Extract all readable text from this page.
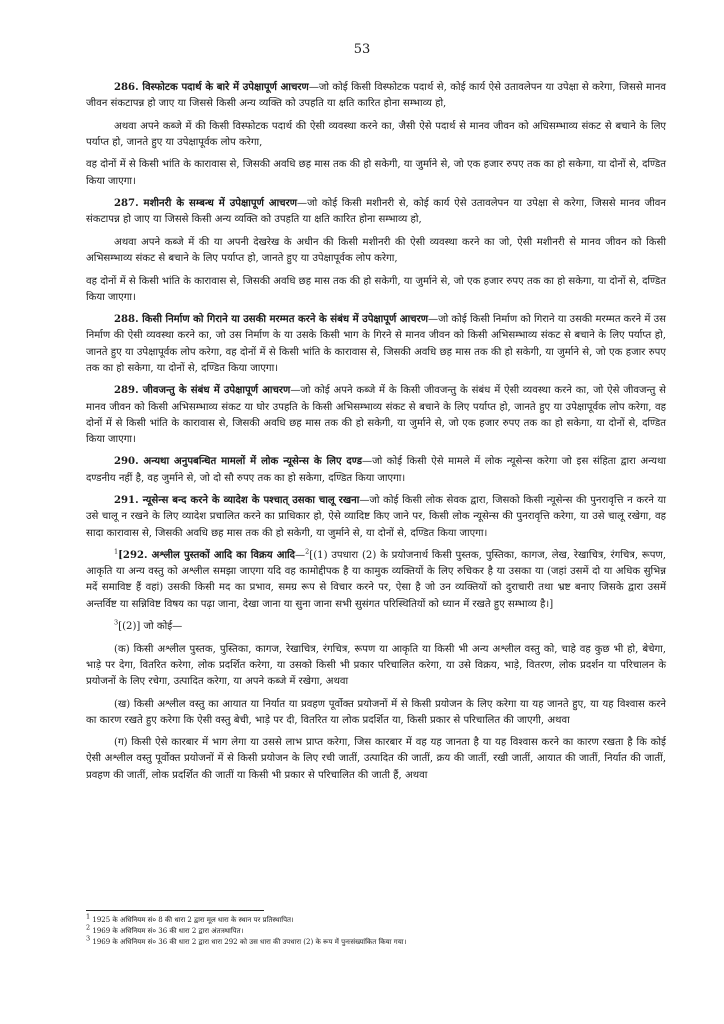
53

286. विस्फोटक पदार्थ के बारे में उपेक्षापूर्ण आचरण—जो कोई किसी विस्फोटक पदार्थ से, कोई कार्य ऐसे उतावलेपन या उपेक्षा से करेगा, जिससे मानव जीवन संकटापन्न हो जाए या जिससे किसी अन्य व्यक्ति को उपहति या क्षति कारित होना सम्भाव्य हो,

अथवा अपने कब्जे में की किसी विस्फोटक पदार्थ की ऐसी व्यवस्था करने का, जैसी ऐसे पदार्थ से मानव जीवन को अधिसम्भाव्य संकट से बचाने के लिए पर्याप्त हो, जानते हुए या उपेक्षापूर्वक लोप करेगा,

वह दोनों में से किसी भांति के कारावास से, जिसकी अवधि छह मास तक की हो सकेगी, या जुर्माने से, जो एक हजार रुपए तक का हो सकेगा, या दोनों से, दण्डित किया जाएगा।

287. मशीनरी के सम्बन्ध में उपेक्षापूर्ण आचरण—जो कोई किसी मशीनरी से, कोई कार्य ऐसे उतावलेपन या उपेक्षा से करेगा, जिससे मानव जीवन संकटापन्न हो जाए या जिससे किसी अन्य व्यक्ति को उपहति या क्षति कारित होना सम्भाव्य हो,

अथवा अपने कब्जे में की या अपनी देखरेख के अधीन की किसी मशीनरी की ऐसी व्यवस्था करने का जो, ऐसी मशीनरी से मानव जीवन को किसी अभिसम्भाव्य संकट से बचाने के लिए पर्याप्त हो, जानते हुए या उपेक्षापूर्वक लोप करेगा,

वह दोनों में से किसी भांति के कारावास से, जिसकी अवधि छह मास तक की हो सकेगी, या जुर्माने से, जो एक हजार रुपए तक का हो सकेगा, या दोनों से, दण्डित किया जाएगा।

288. किसी निर्माण को गिराने या उसकी मरम्मत करने के संबंध में उपेक्षापूर्ण आचरण—जो कोई किसी निर्माण को गिराने या उसकी मरम्मत करने में उस निर्माण की ऐसी व्यवस्था करने का, जो उस निर्माण के या उसके किसी भाग के गिरने से मानव जीवन को किसी अभिसम्भाव्य संकट से बचाने के लिए पर्याप्त हो, जानते हुए या उपेक्षापूर्वक लोप करेगा, वह दोनों में से किसी भांति के कारावास से, जिसकी अवधि छह मास तक की हो सकेगी, या जुर्माने से, जो एक हजार रुपए तक का हो सकेगा, या दोनों से, दण्डित किया जाएगा।

289. जीवजन्तु के संबंध में उपेक्षापूर्ण आचरण—जो कोई अपने कब्जे में के किसी जीवजन्तु के संबंध में ऐसी व्यवस्था करने का, जो ऐसे जीवजन्तु से मानव जीवन को किसी अभिसम्भाव्य संकट या घोर उपहति के किसी अभिसम्भाव्य संकट से बचाने के लिए पर्याप्त हो, जानते हुए या उपेक्षापूर्वक लोप करेगा, वह दोनों में से किसी भांति के कारावास से, जिसकी अवधि छह मास तक की हो सकेगी, या जुर्माने से, जो एक हजार रुपए तक का हो सकेगा, या दोनों से, दण्डित किया जाएगा।

290. अन्यथा अनुपबन्धित मामलों में लोक न्यूसेन्स के लिए दण्ड—जो कोई किसी ऐसे मामले में लोक न्यूसेन्स करेगा जो इस संहिता द्वारा अन्यथा दण्डनीय नहीं है, वह जुर्माने से, जो दो सौ रुपए तक का हो सकेगा, दण्डित किया जाएगा।

291. न्यूसेन्स बन्द करने के व्यादेश के पश्चात् उसका चालू रखना—जो कोई किसी लोक सेवक द्वारा, जिसको किसी न्यूसेन्स की पुनरावृत्ति न करने या उसे चालू न रखने के लिए व्यादेश प्रचालित करने का प्राधिकार हो, ऐसे व्यादिष्ट किए जाने पर, किसी लोक न्यूसेन्स की पुनरावृत्ति करेगा, या उसे चालू रखेगा, वह सादा कारावास से, जिसकी अवधि छह मास तक की हो सकेगी, या जुर्माने से, या दोनों से, दण्डित किया जाएगा।

$^1$[292. अश्लील पुस्तकों आदि का विक्रय आदि—$^2$[(1) उपधारा (2) के प्रयोजनार्थ किसी पुस्तक, पुस्तिका, कागज, लेख, रेखाचित्र, रंगचित्र, रूपण, आकृति या अन्य वस्तु को अश्लील समझा जाएगा यदि वह कामोद्दीपक है या कामुक व्यक्तियों के लिए रुचिकर है या उसका या (जहां उसमें दो या अधिक सुभिन्न मदें समाविष्ट हैं वहां) उसकी किसी मद का प्रभाव, समग्र रूप से विचार करने पर, ऐसा है जो उन व्यक्तियों को दुराचारी तथा भ्रष्ट बनाए जिसके द्वारा उसमें अन्तर्विष्ट या सन्निविष्ट विषय का पढ़ा जाना, देखा जाना या सुना जाना सभी सुसंगत परिस्थितियों को ध्यान में रखते हुए सम्भाव्य है।]

$^3$[(2)] जो कोई—

(क) किसी अश्लील पुस्तक, पुस्तिका, कागज, रेखाचित्र, रंगचित्र, रूपण या आकृति या किसी भी अन्य अश्लील वस्तु को, चाहे वह कुछ भी हो, बेचेगा, भाड़े पर देगा, वितरित करेगा, लोक प्रदर्शित करेगा, या उसको किसी भी प्रकार परिचालित करेगा, या उसे विक्रय, भाड़े, वितरण, लोक प्रदर्शन या परिचालन के प्रयोजनों के लिए रचेगा, उत्पादित करेगा, या अपने कब्जे में रखेगा, अथवा

(ख) किसी अश्लील वस्तु का आयात या निर्यात या प्रवहण पूर्वोक्त प्रयोजनों में से किसी प्रयोजन के लिए करेगा या यह जानते हुए, या यह विश्वास करने का कारण रखते हुए करेगा कि ऐसी वस्तु बेची, भाड़े पर दी, वितरित या लोक प्रदर्शित या, किसी प्रकार से परिचालित की जाएगी, अथवा

(ग) किसी ऐसे कारबार में भाग लेगा या उससे लाभ प्राप्त करेगा, जिस कारबार में वह यह जानता है या यह विश्वास करने का कारण रखता है कि कोई ऐसी अश्लील वस्तु पूर्वोक्त प्रयोजनों में से किसी प्रयोजन के लिए रची जातीं, उत्पादित की जातीं, क्रय की जातीं, रखी जातीं, आयात की जातीं, निर्यात की जातीं, प्रवहण की जातीं, लोक प्रदर्शित की जातीं या किसी भी प्रकार से परिचालित की जाती हैं, अथवा

$^1$ 1925 के अधिनियम सं० 8 की धारा 2 द्वारा मूल धारा के स्थान पर प्रतिस्थापित।
$^2$ 1969 के अधिनियम सं० 36 की धारा 2 द्वारा अंतःस्थापित।
$^3$ 1969 के अधिनियम सं० 36 की धारा 2 द्वारा धारा 292 को उस धारा की उपधारा (2) के रूप में पुनःसंख्यांकित किया गया।
